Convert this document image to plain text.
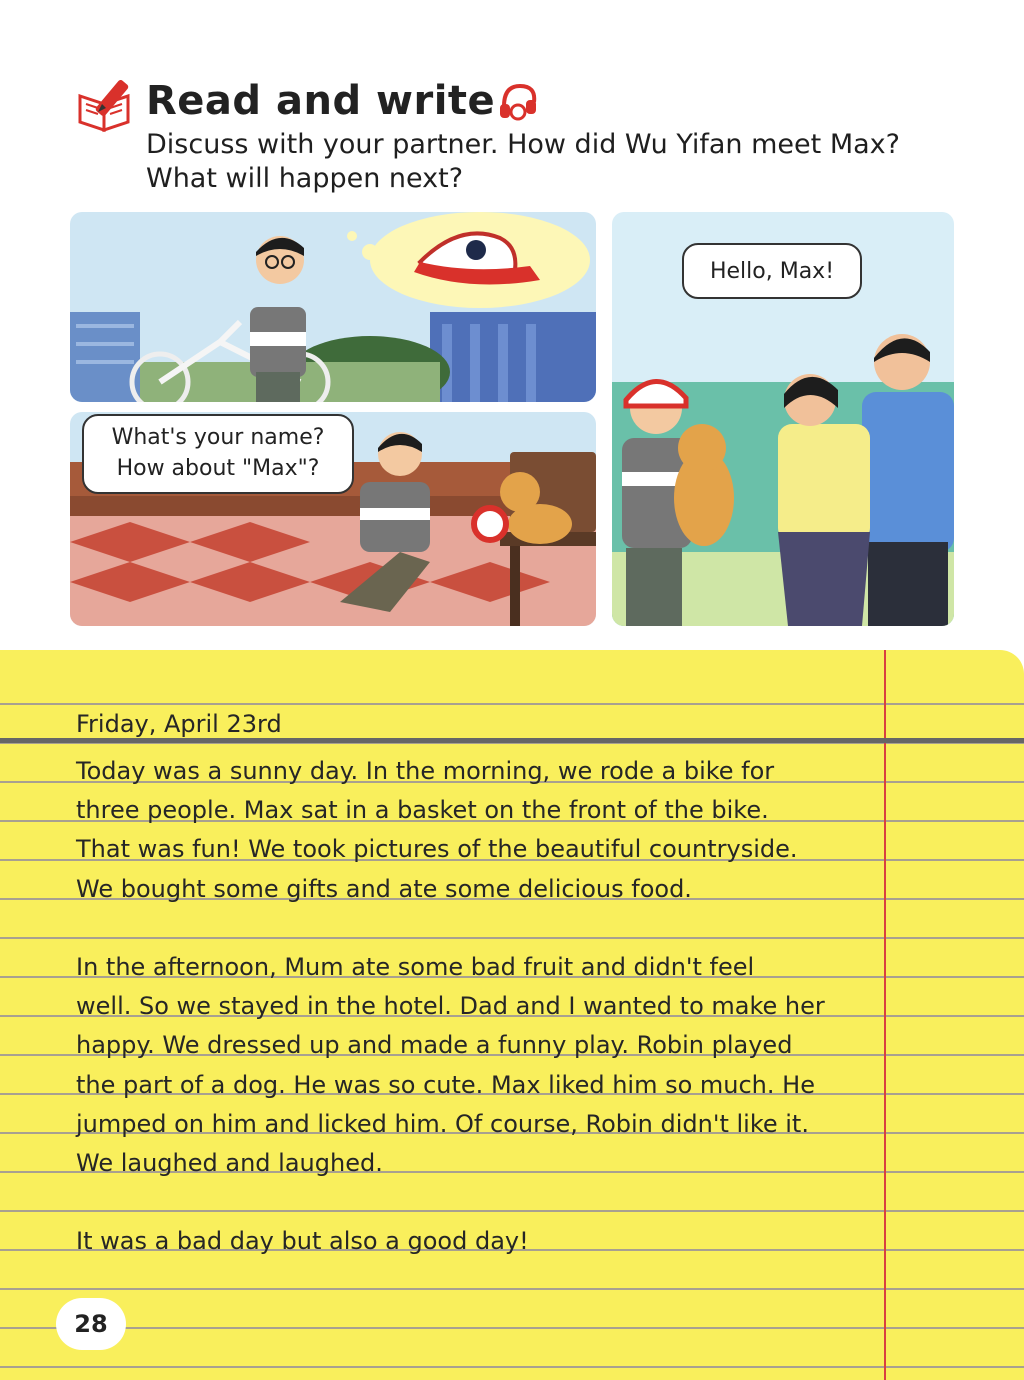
Read and write
Discuss with your partner. How did Wu Yifan meet Max? What will happen next?
What's your name?
How about "Max"?
Hello, Max!
Friday, April 23rd
Today was a sunny day. In the morning, we rode a bike for
three people. Max sat in a basket on the front of the bike.
That was fun! We took pictures of the beautiful countryside.
We bought some gifts and ate some delicious food.
In the afternoon, Mum ate some bad fruit and didn't feel
well. So we stayed in the hotel. Dad and I wanted to make her
happy. We dressed up and made a funny play. Robin played
the part of a dog. He was so cute. Max liked him so much. He
jumped on him and licked him. Of course, Robin didn't like it.
We laughed and laughed.
It was a bad day but also a good day!
28
